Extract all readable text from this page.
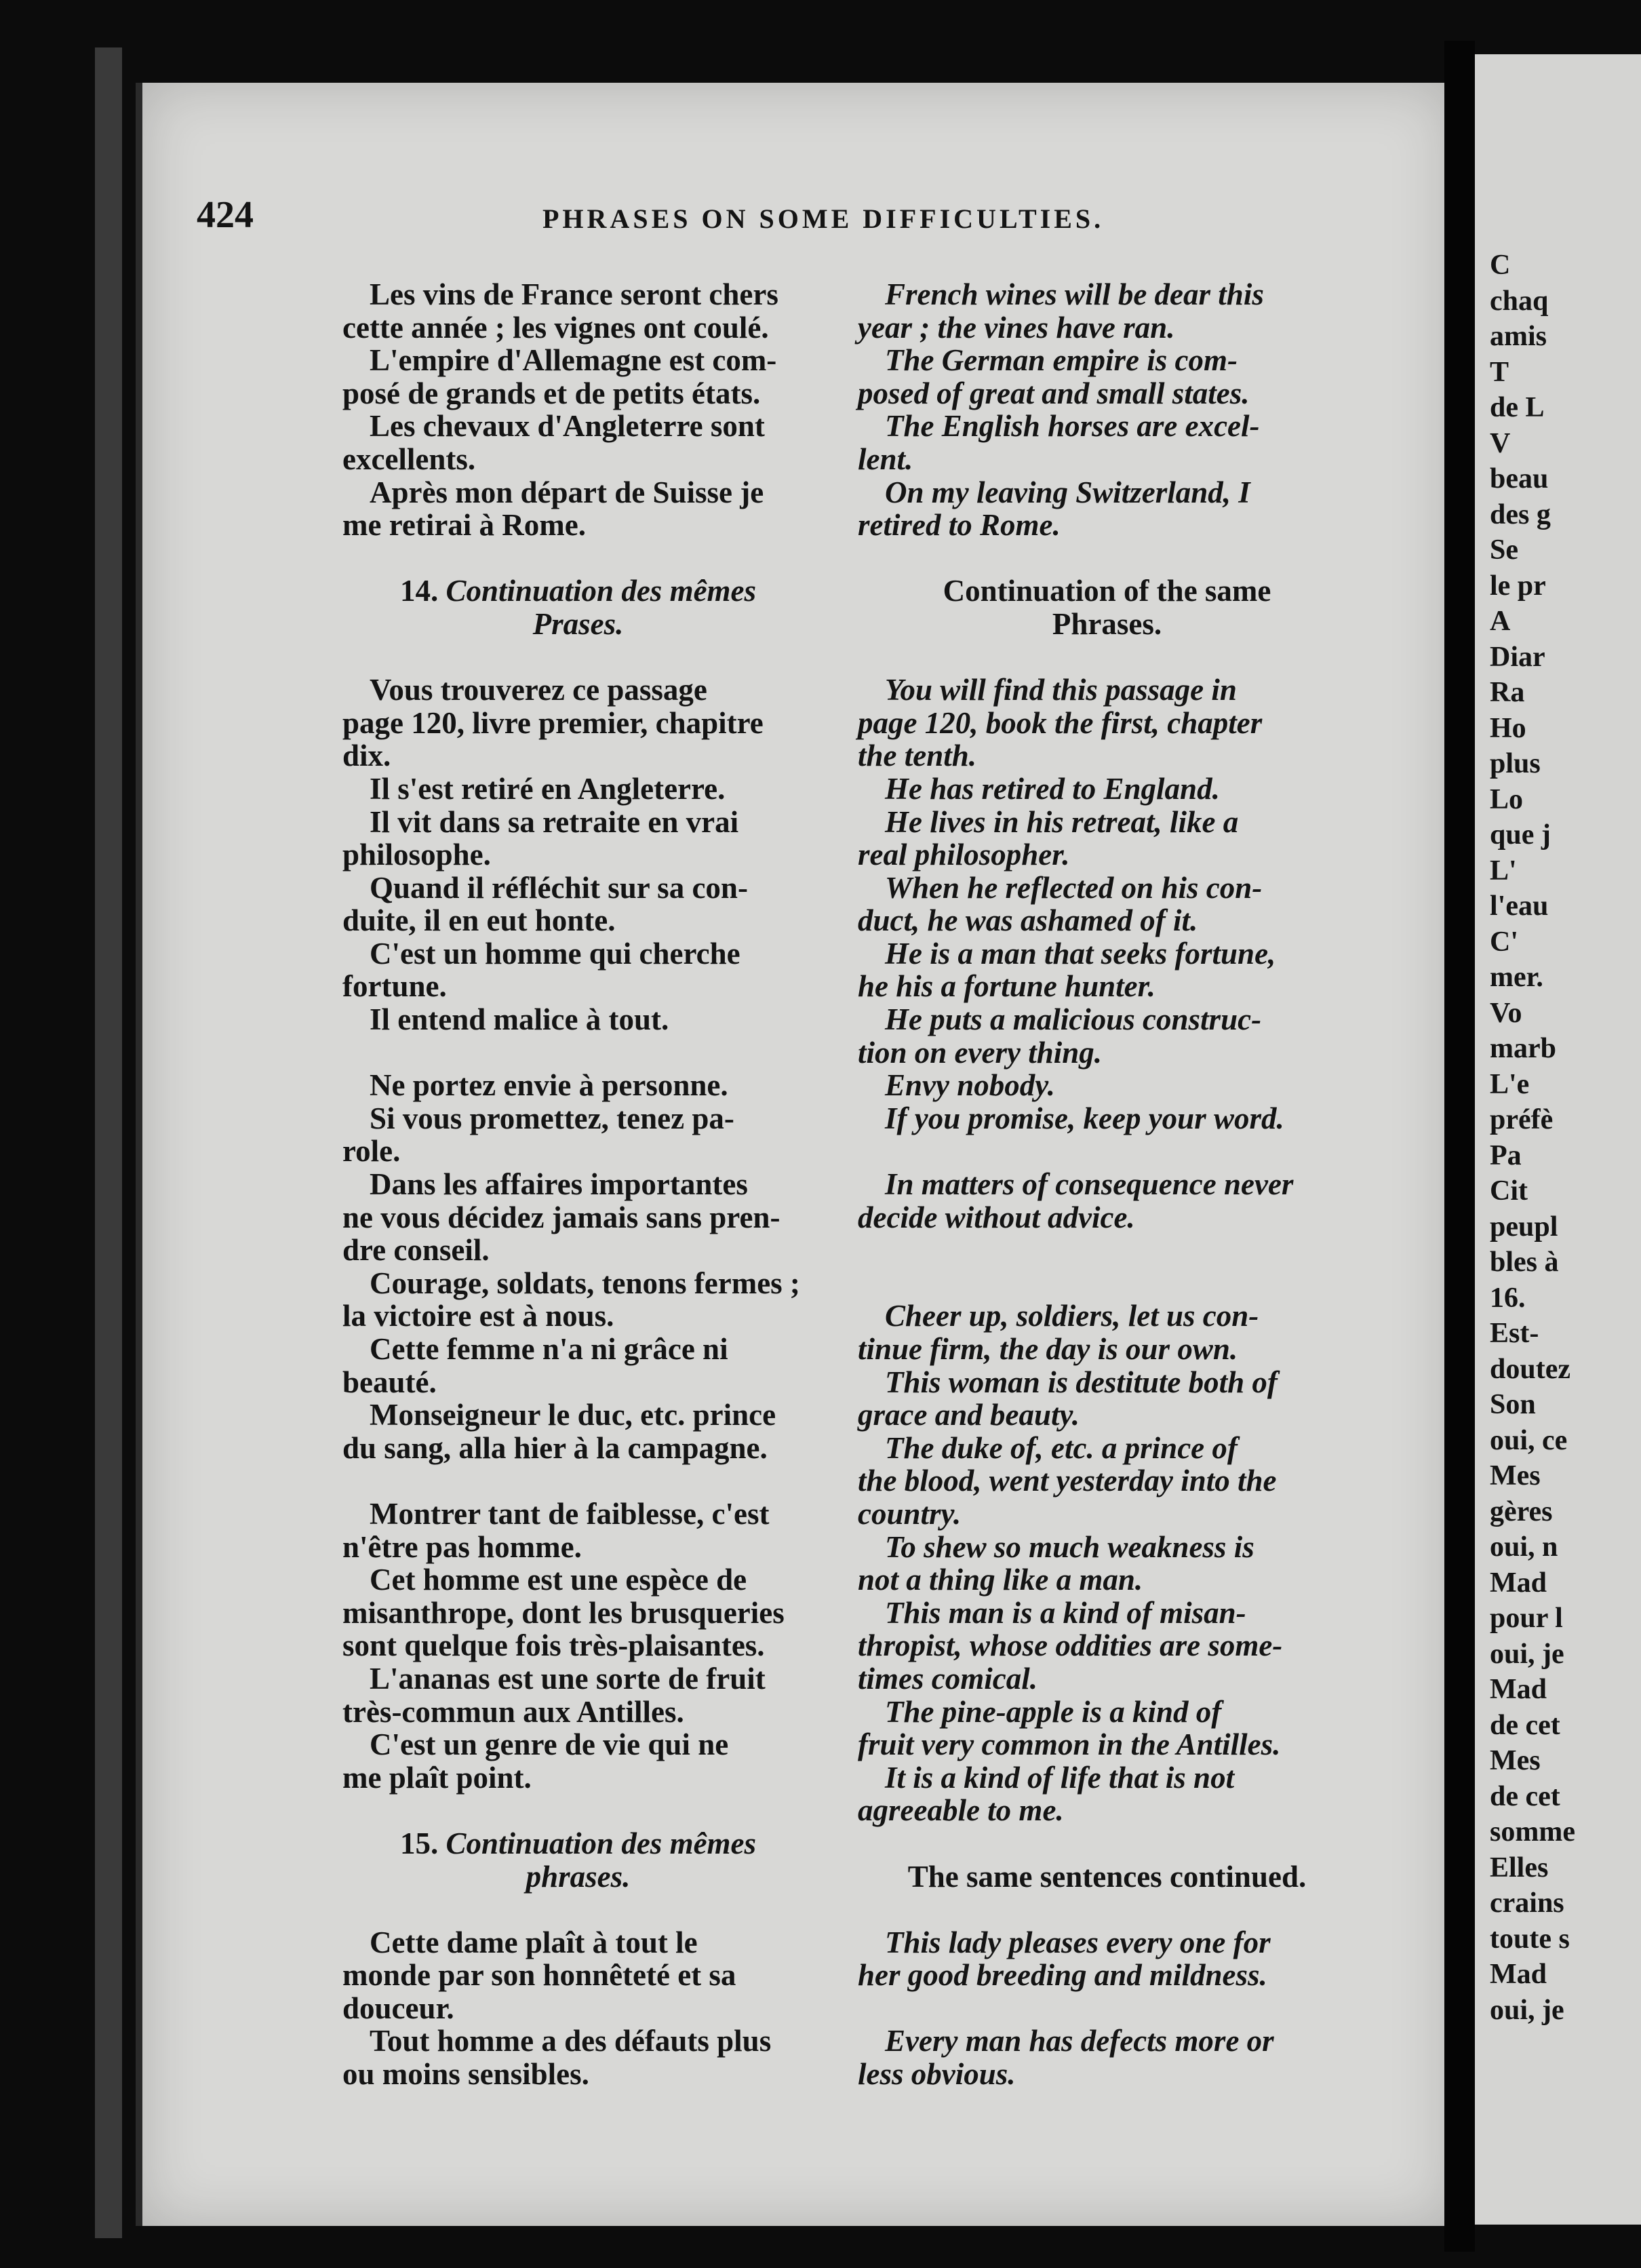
C
chaq
amis
T
de L
V
beau
des g
Se
le pr
A
Diar
Ra
Ho
plus
Lo
que j
L'
l'eau
C'
mer.
Vo
marb
L'e
préfè
Pa
Cit
peupl
bles à
16.
Est-
doutez
Son
oui, ce
Mes
gères
oui, n
Mad
pour l
oui, je
Mad
de cet
Mes
de cet
somme
Elles
crains
toute s
Mad
oui, je
424	PHRASES ON SOME DIFFICULTIES.

Les vins de France seront chers
cette année ; les vignes ont coulé.

L'empire d'Allemagne est com-
posé de grands et de petits états.

Les chevaux d'Angleterre sont
excellents.

Après mon départ de Suisse je
me retirai à Rome.

14. Continuation des mêmes
Prases.

Vous trouverez ce passage
page 120, livre premier, chapitre
dix.

Il s'est retiré en Angleterre.

Il vit dans sa retraite en vrai
philosophe.

Quand il réfléchit sur sa con-
duite, il en eut honte.

C'est un homme qui cherche
fortune.

Il entend malice à tout.

Ne portez envie à personne.

Si vous promettez, tenez pa-
role.

Dans les affaires importantes
ne vous décidez jamais sans pren-
dre conseil.

Courage, soldats, tenons fermes ;
la victoire est à nous.

Cette femme n'a ni grâce ni
beauté.

Monseigneur le duc, etc. prince
du sang, alla hier à la campagne.

Montrer tant de faiblesse, c'est
n'être pas homme.

Cet homme est une espèce de
misanthrope, dont les brusqueries
sont quelque fois très-plaisantes.

L'ananas est une sorte de fruit
très-commun aux Antilles.

C'est un genre de vie qui ne
me plaît point.

15. Continuation des mêmes
phrases.

Cette dame plaît à tout le
monde par son honnêteté et sa
douceur.

Tout homme a des défauts plus
ou moins sensibles.

French wines will be dear this
year ; the vines have ran.

The German empire is com-
posed of great and small states.

The English horses are excel-
lent.

On my leaving Switzerland, I
retired to Rome.

Continuation of the same
Phrases.

You will find this passage in
page 120, book the first, chapter
the tenth.

He has retired to England.

He lives in his retreat, like a
real philosopher.

When he reflected on his con-
duct, he was ashamed of it.

He is a man that seeks fortune,
he his a fortune hunter.

He puts a malicious construc-
tion on every thing.

Envy nobody.

If you promise, keep your word.

In matters of consequence never
decide without advice.

Cheer up, soldiers, let us con-
tinue firm, the day is our own.

This woman is destitute both of
grace and beauty.

The duke of, etc. a prince of
the blood, went yesterday into the
country.

To shew so much weakness is
not a thing like a man.

This man is a kind of misan-
thropist, whose oddities are some-
times comical.

The pine-apple is a kind of
fruit very common in the Antilles.

It is a kind of life that is not
agreeable to me.

The same sentences continued.

This lady pleases every one for
her good breeding and mildness.

Every man has defects more or
less obvious.
